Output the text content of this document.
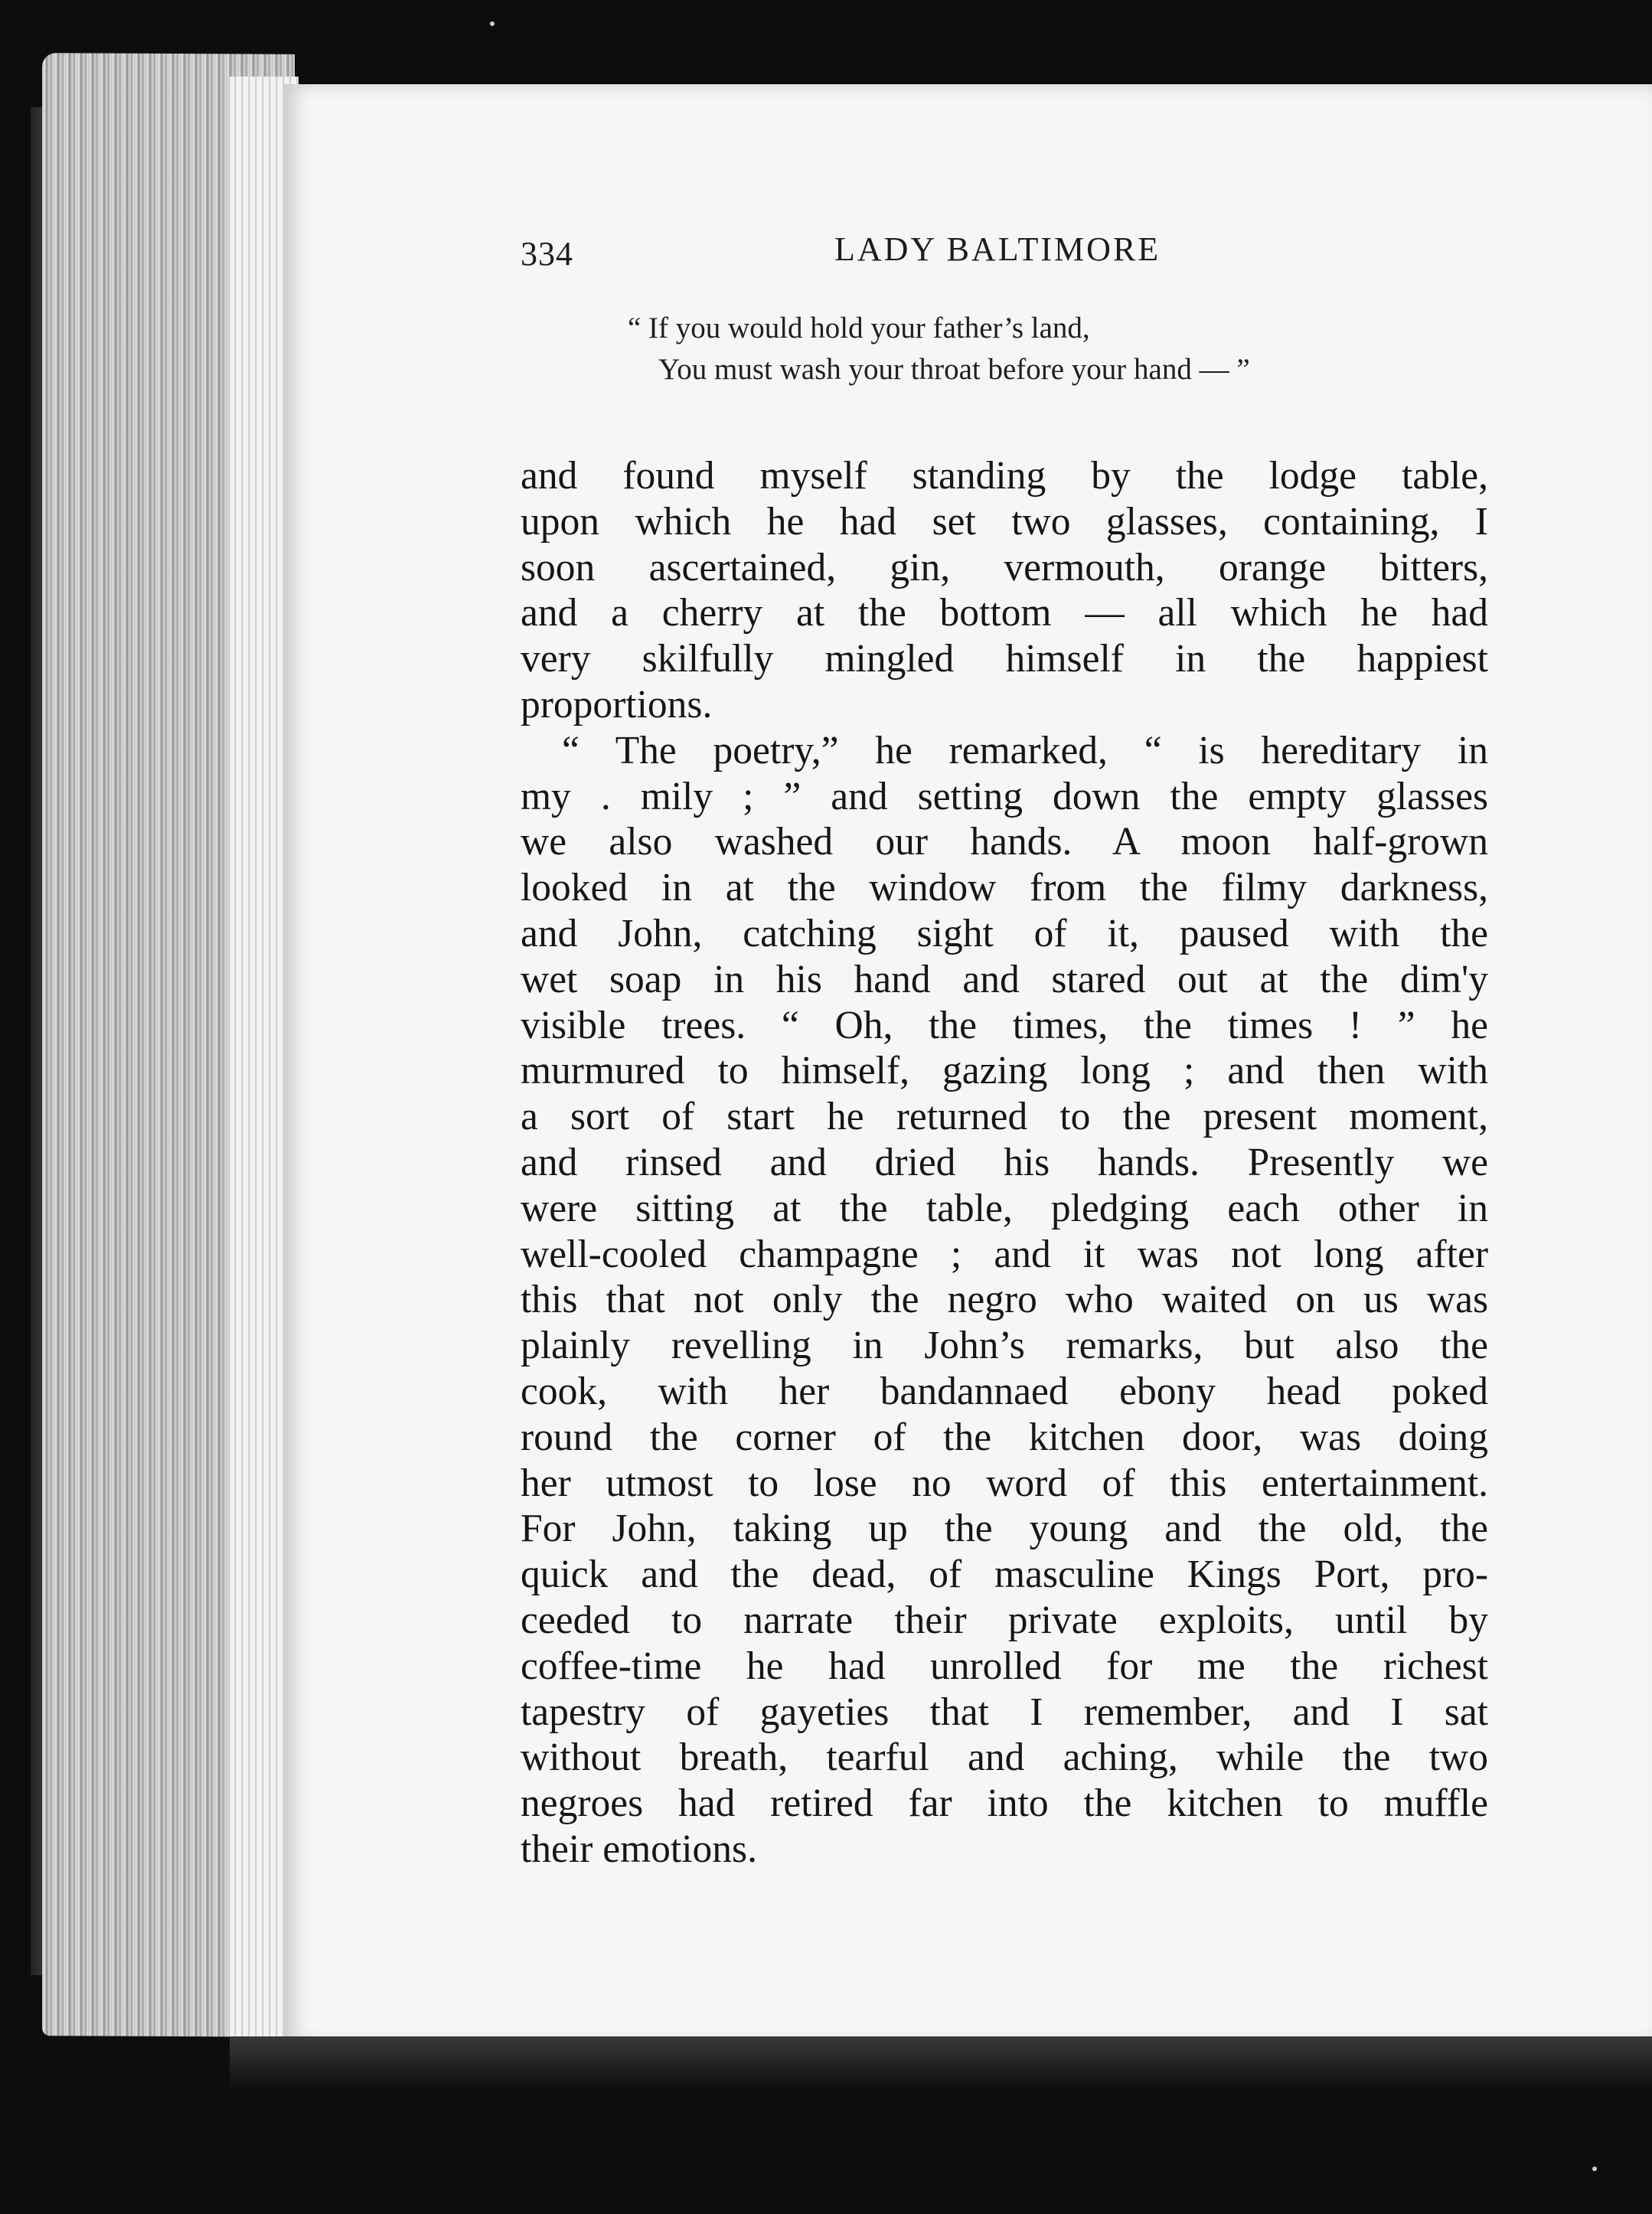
334	LADY BALTIMORE
“ If you would hold your father’s land,
You must wash your throat before your hand — ”
and found myself standing by the lodge table,
upon which he had set two glasses, containing, I
soon ascertained, gin, vermouth, orange bitters,
and a cherry at the bottom — all which he had
very skilfully mingled himself in the happiest
proportions.
“ The poetry,” he remarked, “ is hereditary in
my . mily ; ” and setting down the empty glasses
we also washed our hands. A moon half-grown
looked in at the window from the filmy darkness,
and John, catching sight of it, paused with the
wet soap in his hand and stared out at the dim'y
visible trees. “ Oh, the times, the times ! ” he
murmured to himself, gazing long ; and then with
a sort of start he returned to the present moment,
and rinsed and dried his hands. Presently we
were sitting at the table, pledging each other in
well-cooled champagne ; and it was not long after
this that not only the negro who waited on us was
plainly revelling in John’s remarks, but also the
cook, with her bandannaed ebony head poked
round the corner of the kitchen door, was doing
her utmost to lose no word of this entertainment.
For John, taking up the young and the old, the
quick and the dead, of masculine Kings Port, pro-
ceeded to narrate their private exploits, until by
coffee-time he had unrolled for me the richest
tapestry of gayeties that I remember, and I sat
without breath, tearful and aching, while the two
negroes had retired far into the kitchen to muffle
their emotions.
